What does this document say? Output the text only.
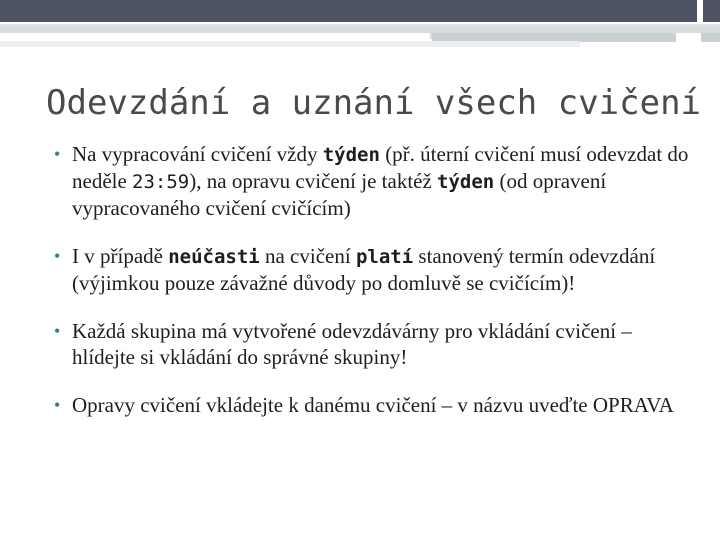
Odevzdání a uznání všech cvičení
• Na vypracování cvičení vždy týden (př. úterní cvičení musí odevzdat do neděle 23:59), na opravu cvičení je taktéž týden (od opravení vypracovaného cvičení cvičícím)
• I v případě neúčasti na cvičení platí stanovený termín odevzdání (výjimkou pouze závažné důvody po domluvě se cvičícím)!
• Každá skupina má vytvořené odevzdávárny pro vkládání cvičení – hlídejte si vkládání do správné skupiny!
• Opravy cvičení vkládejte k danému cvičení – v názvu uveďte OPRAVA
